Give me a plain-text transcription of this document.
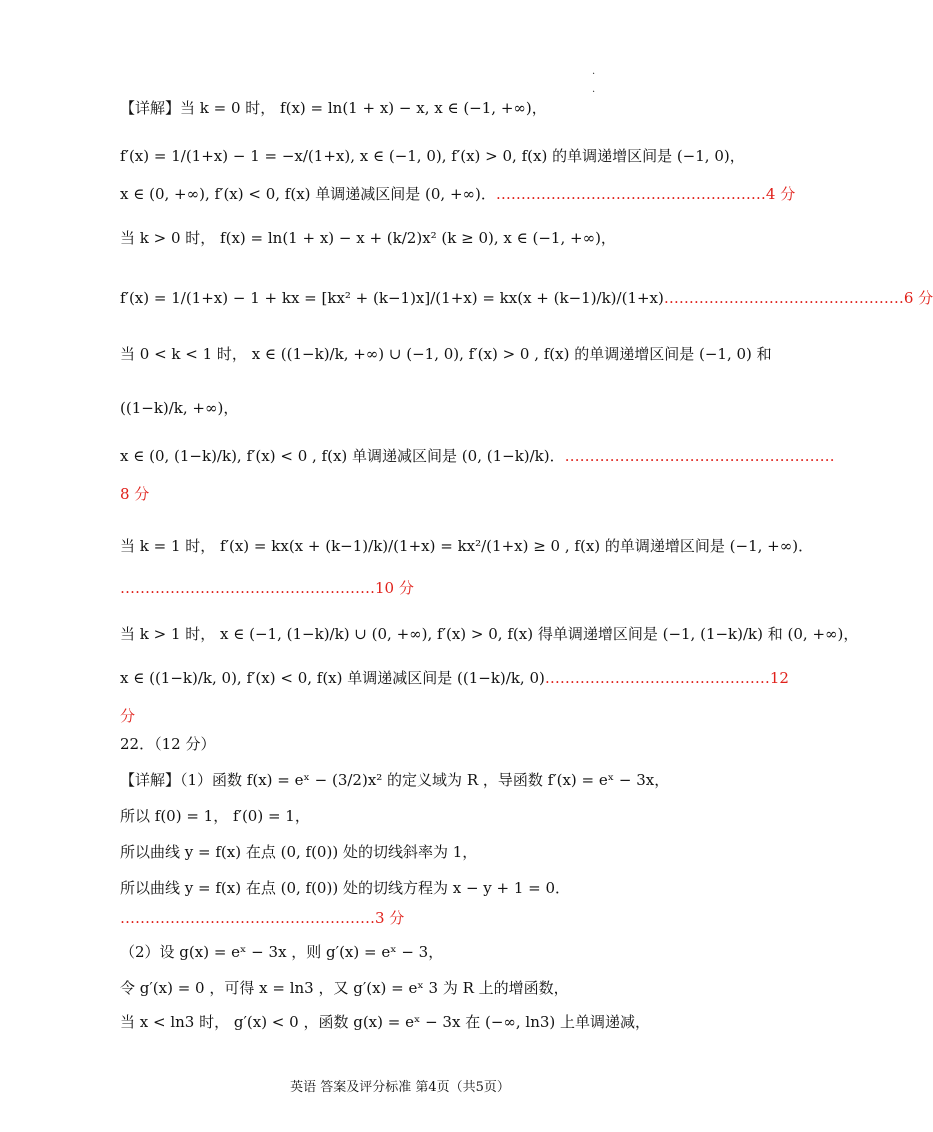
.
.
【详解】当 k = 0 时， f(x) = ln(1 + x) − x, x ∈ (−1, +∞)，
f′(x) = 1/(1+x) − 1 = −x/(1+x), x ∈ (−1, 0), f′(x) > 0, f(x) 的单调递增区间是 (−1, 0)，
x ∈ (0, +∞), f′(x) < 0, f(x) 单调递减区间是 (0, +∞)．………………………………………………4 分
当 k > 0 时， f(x) = ln(1 + x) − x + (k/2)x² (k ≥ 0), x ∈ (−1, +∞)，
f′(x) = 1/(1+x) − 1 + kx = [kx² + (k−1)x]/(1+x) = kx(x + (k−1)/k)/(1+x)…………………………………………6 分
当 0 < k < 1 时， x ∈ ((1−k)/k, +∞) ∪ (−1, 0), f′(x) > 0 , f(x) 的单调递增区间是 (−1, 0) 和
((1−k)/k, +∞)，
x ∈ (0, (1−k)/k), f′(x) < 0 , f(x) 单调递减区间是 (0, (1−k)/k)．………………………………………………
8 分
当 k = 1 时， f′(x) = kx(x + (k−1)/k)/(1+x) = kx²/(1+x) ≥ 0 , f(x) 的单调递增区间是 (−1, +∞)．
……………………………………………10 分
当 k > 1 时， x ∈ (−1, (1−k)/k) ∪ (0, +∞), f′(x) > 0, f(x) 得单调递增区间是 (−1, (1−k)/k) 和 (0, +∞)，
x ∈ ((1−k)/k, 0), f′(x) < 0, f(x) 单调递减区间是 ((1−k)/k, 0)………………………………………12
分
22．（12 分）
【详解】（1）函数 f(x) = eˣ − (3/2)x² 的定义域为 R ，导函数 f′(x) = eˣ − 3x，
所以 f(0) = 1， f′(0) = 1，
所以曲线 y = f(x) 在点 (0, f(0)) 处的切线斜率为 1，
所以曲线 y = f(x) 在点 (0, f(0)) 处的切线方程为 x − y + 1 = 0．
……………………………………………3 分
（2）设 g(x) = eˣ − 3x ，则 g′(x) = eˣ − 3，
令 g′(x) = 0 ，可得 x = ln3 ，又 g′(x) = eˣ 3 为 R 上的增函数，
当 x < ln3 时， g′(x) < 0 ，函数 g(x) = eˣ − 3x 在 (−∞, ln3) 上单调递减，
英语 答案及评分标准 第4页（共5页）
